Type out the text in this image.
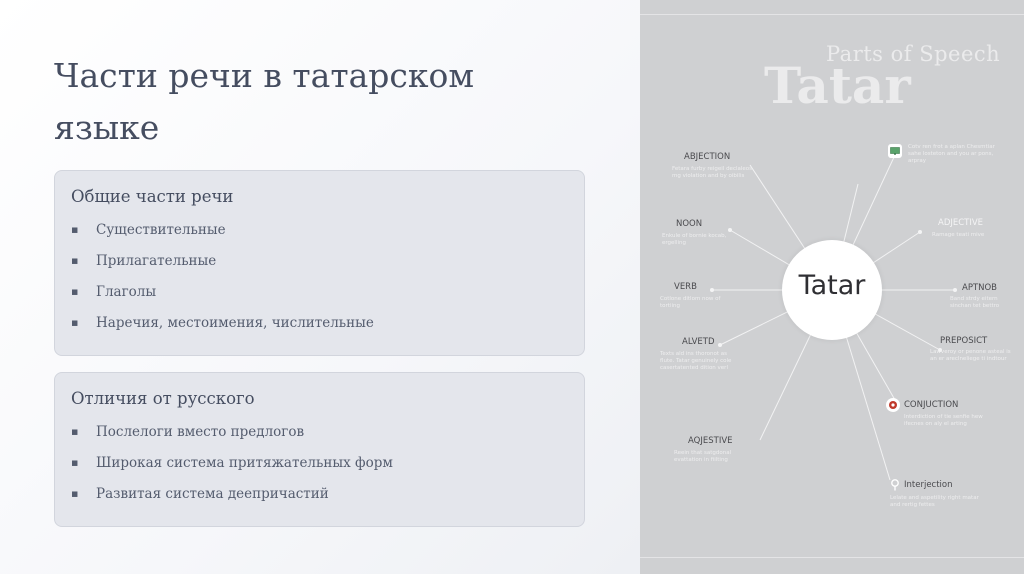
Части речи в татарском языке
Общие части речи
▪ Существительные
▪ Прилагательные
▪ Глаголы
▪ Наречия, местоимения, числительные
Отличия от русского
▪ Послелоги вместо предлогов
▪ Широкая система притяжательных форм
▪ Развитая система деепричастий
Parts of Speech
Tatar
Tatar
ABJECTION
Fetara furby reigeil declaleos mg violation and by oibilis
NOON
Enkule of bornie kocab, ergelling
VERB
Cotlone ditlom now of tortiing
ALVETD
Texts ald ins thoronot as flute. Tatar genuinely cole casertatented dition verl
AQJESTIVE
Reein that satgdonal evattation in fiilting
Cotv ren frot a aplan Chesmtiar sahe losteton and you ar pons, arpray
ADJECTIVE
Ramage teati mive
APTNOB
Band strdy eitern sinchan tet bettro
PREPOSICT
Lawveroy or penone asteal is an er areclneliege ti indtour
CONJUCTION
Interdiction of tie senfie hew ifecnes on aly el arting
Interjection
Lelate and aspetility right matar and rertig fettes
